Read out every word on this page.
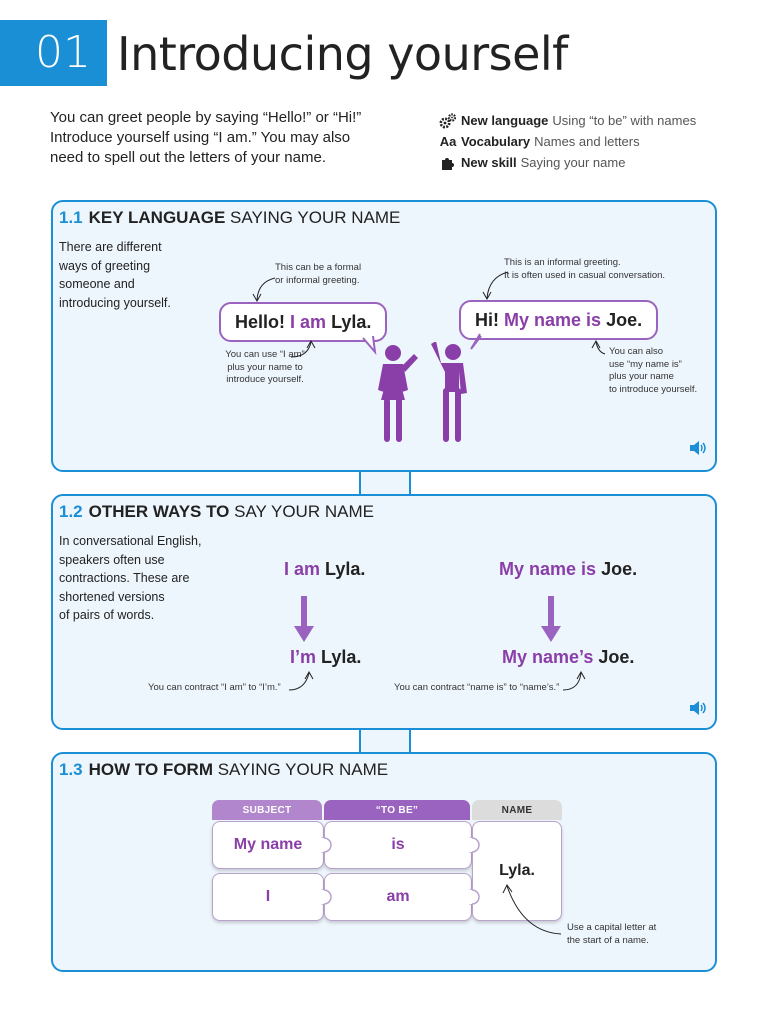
01 Introducing yourself
You can greet people by saying “Hello!” or “Hi!”
Introduce yourself using “I am.” You may also
need to spell out the letters of your name.
New language Using “to be” with names
Aa Vocabulary Names and letters
New skill Saying your name
1.1 KEY LANGUAGE SAYING YOUR NAME
There are different
ways of greeting
someone and
introducing yourself.
This can be a formal
or informal greeting.
Hello! I am Lyla.
You can use “I am”
plus your name to
introduce yourself.
This is an informal greeting.
It is often used in casual conversation.
Hi! My name is Joe.
You can also
use “my name is”
plus your name
to introduce yourself.
1.2 OTHER WAYS TO SAY YOUR NAME
In conversational English,
speakers often use
contractions. These are
shortened versions
of pairs of words.
I am Lyla.
I’m Lyla.
My name is Joe.
My name’s Joe.
You can contract “I am” to “I’m.”	You can contract “name is” to “name’s.”
1.3 HOW TO FORM SAYING YOUR NAME
SUBJECT	“TO BE”	NAME
My name	is
I	am
Lyla.
Use a capital letter at
the start of a name.
